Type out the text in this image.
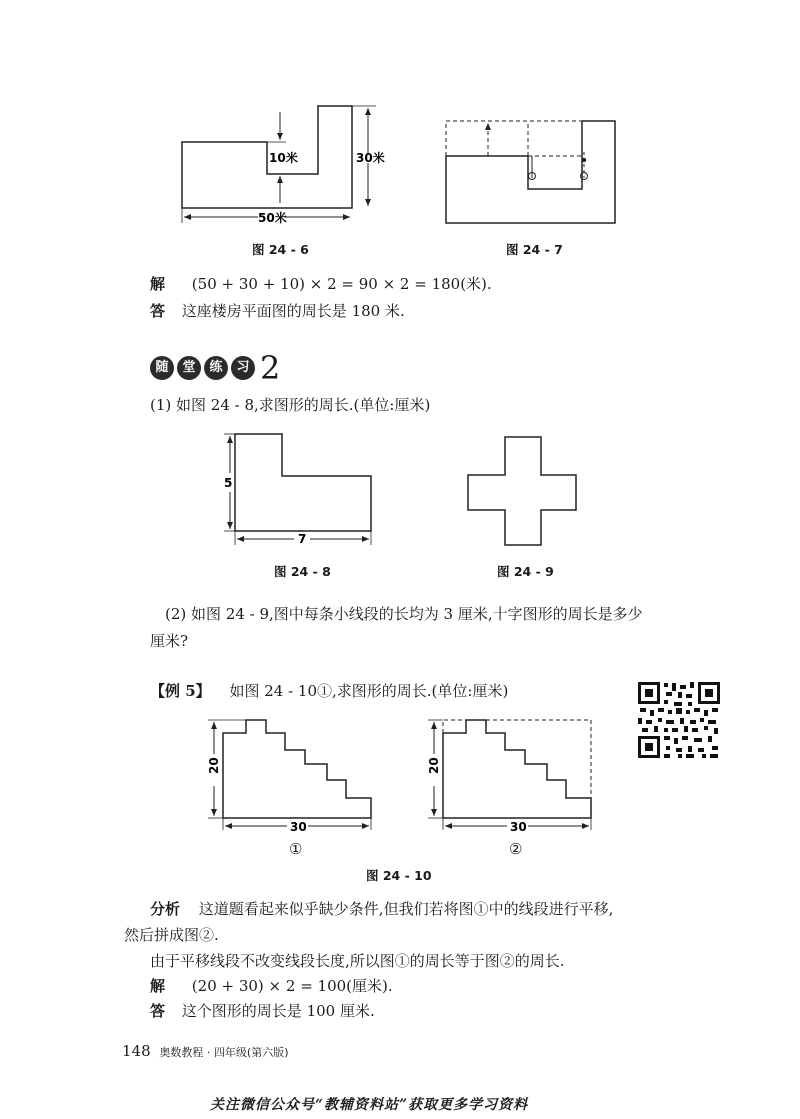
10米	30米
50米
图 24 - 6	图 24 - 7
解 (50 + 30 + 10) × 2 = 90 × 2 = 180(米).
答 这座楼房平面图的周长是 180 米.
随	堂	练	习 2
(1) 如图 24 - 8,求图形的周长.(单位:厘米)
5
7
图 24 - 8	图 24 - 9
(2) 如图 24 - 9,图中每条小线段的长均为 3 厘米,十字图形的周长是多少
厘米?
【例 5】 如图 24 - 10①,求图形的周长.(单位:厘米)
20
30
①
20
30
②
图 24 - 10
分析 这道题看起来似乎缺少条件,但我们若将图①中的线段进行平移,
然后拼成图②.
由于平移线段不改变线段长度,所以图①的周长等于图②的周长.
解 (20 + 30) × 2 = 100(厘米).
答 这个图形的周长是 100 厘米.
148 奥数教程 · 四年级(第六版)
关注微信公众号“教辅资料站”获取更多学习资料
